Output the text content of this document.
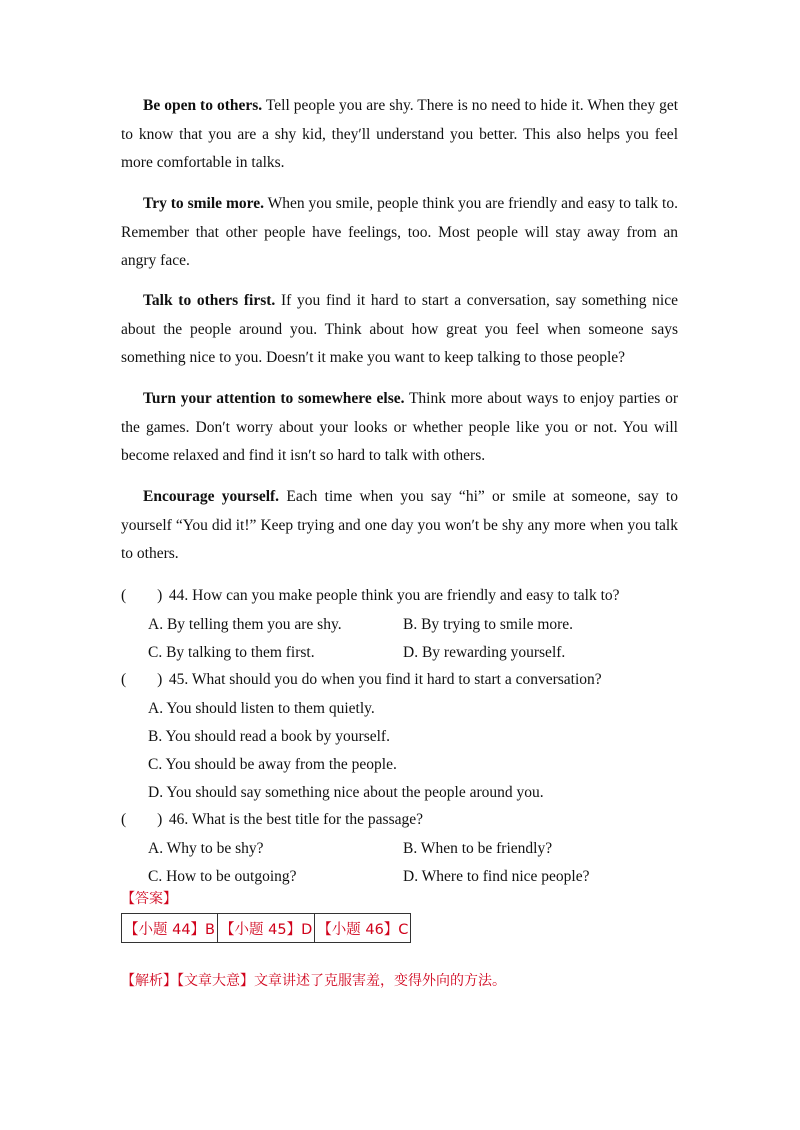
Be open to others. Tell people you are shy. There is no need to hide it. When they get to know that you are a shy kid, theyʹll understand you better. This also helps you feel more comfortable in talks.

Try to smile more. When you smile, people think you are friendly and easy to talk to. Remember that other people have feelings, too. Most people will stay away from an angry face.

Talk to others first. If you find it hard to start a conversation, say something nice about the people around you. Think about how great you feel when someone says something nice to you. Doesnʹt it make you want to keep talking to those people?

Turn your attention to somewhere else. Think more about ways to enjoy parties or the games. Donʹt worry about your looks or whether people like you or not. You will become relaxed and find it isnʹt so hard to talk with others.

Encourage yourself. Each time when you say “hi” or smile at someone, say to yourself “You did it!” Keep trying and one day you wonʹt be shy any more when you talk to others.

(  ) 44. How can you make people think you are friendly and easy to talk to?
A. By telling them you are shy.	B. By trying to smile more.
C. By talking to them first.	D. By rewarding yourself.
(  ) 45. What should you do when you find it hard to start a conversation?
A. You should listen to them quietly.
B. You should read a book by yourself.
C. You should be away from the people.
D. You should say something nice about the people around you.
(  ) 46. What is the best title for the passage?
A. Why to be shy?	B. When to be friendly?
C. How to be outgoing?	D. Where to find nice people?
【答案】
【小题 44】B	【小题 45】D	【小题 46】C
【解析】【文章大意】文章讲述了克服害羞，变得外向的方法。
